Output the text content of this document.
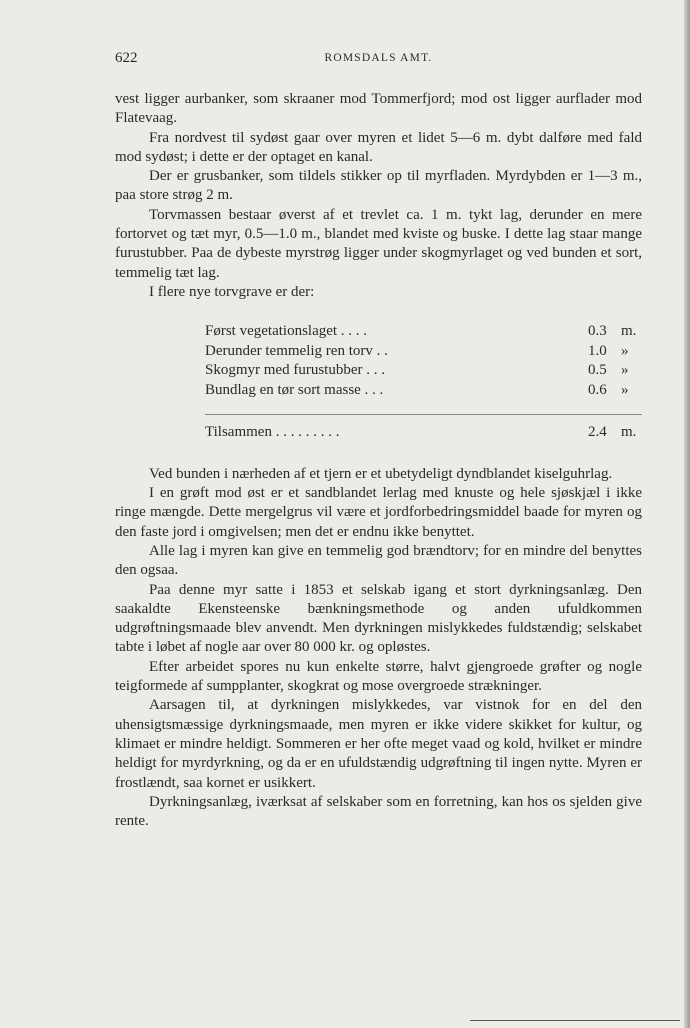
622	ROMSDALS AMT.

vest ligger aurbanker, som skraaner mod Tommerfjord; mod ost ligger aurflader mod Flatevaag.

Fra nordvest til sydøst gaar over myren et lidet 5—6 m. dybt dalføre med fald mod sydøst; i dette er der optaget en kanal.

Der er grusbanker, som tildels stikker op til myrfladen. Myrdybden er 1—3 m., paa store strøg 2 m.

Torvmassen bestaar øverst af et trevlet ca. 1 m. tykt lag, derunder en mere fortorvet og tæt myr, 0.5—1.0 m., blandet med kviste og buske. I dette lag staar mange furustubber. Paa de dybeste myrstrøg ligger under skogmyrlaget og ved bunden et sort, temmelig tæt lag.

I flere nye torvgrave er der:

Først vegetationslaget . . . .	0.3 m.
Derunder temmelig ren torv . .	1.0 »
Skogmyr med furustubber . . .	0.5 »
Bundlag en tør sort masse . . .	0.6 »
Tilsammen . . . . . . . . .	2.4 m.

Ved bunden i nærheden af et tjern er et ubetydeligt dyndblandet kiselguhrlag.

I en grøft mod øst er et sandblandet lerlag med knuste og hele sjøskjæl i ikke ringe mængde. Dette mergelgrus vil være et jordforbedringsmiddel baade for myren og den faste jord i omgivelsen; men det er endnu ikke benyttet.

Alle lag i myren kan give en temmelig god brændtorv; for en mindre del benyttes den ogsaa.

Paa denne myr satte i 1853 et selskab igang et stort dyrkningsanlæg. Den saakaldte Ekensteenske bænkningsmethode og anden ufuldkommen udgrøftningsmaade blev anvendt. Men dyrkningen mislykkedes fuldstændig; selskabet tabte i løbet af nogle aar over 80 000 kr. og opløstes.

Efter arbeidet spores nu kun enkelte større, halvt gjengroede grøfter og nogle teigformede af sumpplanter, skogkrat og mose overgroede strækninger.

Aarsagen til, at dyrkningen mislykkedes, var vistnok for en del den uhensigtsmæssige dyrkningsmaade, men myren er ikke videre skikket for kultur, og klimaet er mindre heldigt. Sommeren er her ofte meget vaad og kold, hvilket er mindre heldigt for myrdyrkning, og da er en ufuldstændig udgrøftning til ingen nytte. Myren er frostlændt, saa kornet er usikkert.

Dyrkningsanlæg, iværksat af selskaber som en forretning, kan hos os sjelden give rente.
